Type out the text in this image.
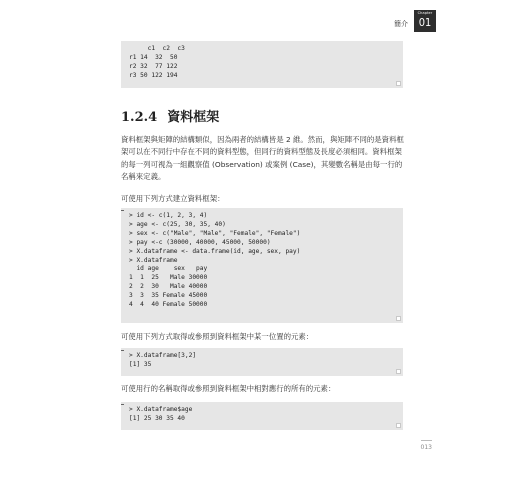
簡介
Chapter
01
c1  c2  c3
r1 14  32  50
r2 32  77 122
r3 50 122 194
1.2.4 資料框架

資料框架與矩陣的結構類似，因為兩者的結構皆是 2 維。然而，與矩陣不同的是資料框架可以在不同行中存在不同的資料型態，但同行的資料型態及長度必須相同。資料框架的每一列可視為一組觀察值 (Observation) 或案例 (Case)，其變數名稱是由每一行的名稱來定義。

可使用下列方式建立資料框架：

> id <- c(1, 2, 3, 4)
> age <- c(25, 30, 35, 40)
> sex <- c("Male", "Male", "Female", "Female")
> pay <-c (30000, 40000, 45000, 50000)
> X.dataframe <- data.frame(id, age, sex, pay)
> X.dataframe
id age    sex   pay
1  1  25   Male 30000
2  2  30   Male 40000
3  3  35 Female 45000
4  4  40 Female 50000

可使用下列方式取得或參照到資料框架中某一位置的元素：

> X.dataframe[3,2]
[1] 35

可使用行的名稱取得或參照到資料框架中相對應行的所有的元素：

> X.dataframe$age
[1] 25 30 35 40
013
